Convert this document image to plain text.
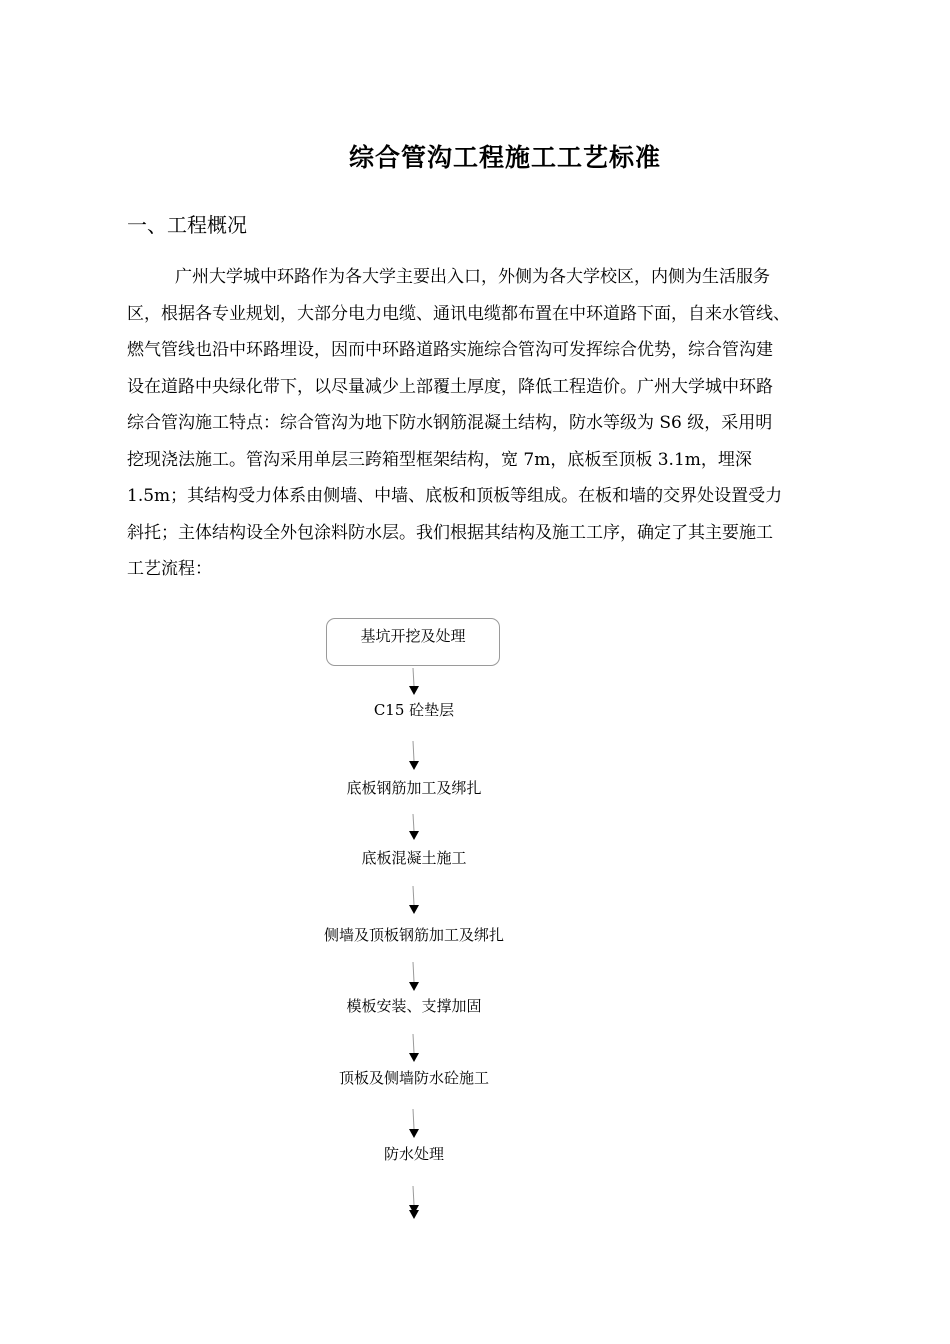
综合管沟工程施工工艺标准
一、工程概况

广州大学城中环路作为各大学主要出入口，外侧为各大学校区，内侧为生活服务
区，根据各专业规划，大部分电力电缆、通讯电缆都布置在中环道路下面，自来水管线、
燃气管线也沿中环路埋设，因而中环路道路实施综合管沟可发挥综合优势，综合管沟建
设在道路中央绿化带下，以尽量减少上部覆土厚度，降低工程造价。广州大学城中环路
综合管沟施工特点：综合管沟为地下防水钢筋混凝土结构，防水等级为 S6 级，采用明
挖现浇法施工。管沟采用单层三跨箱型框架结构，宽 7m，底板至顶板 3.1m，埋深
1.5m；其结构受力体系由侧墙、中墙、底板和顶板等组成。在板和墙的交界处设置受力
斜托；主体结构设全外包涂料防水层。我们根据其结构及施工工序，确定了其主要施工
工艺流程：

基坑开挖及处理
C15 砼垫层
底板钢筋加工及绑扎
底板混凝土施工
侧墙及顶板钢筋加工及绑扎
模板安装、支撑加固
顶板及侧墙防水砼施工
防水处理
